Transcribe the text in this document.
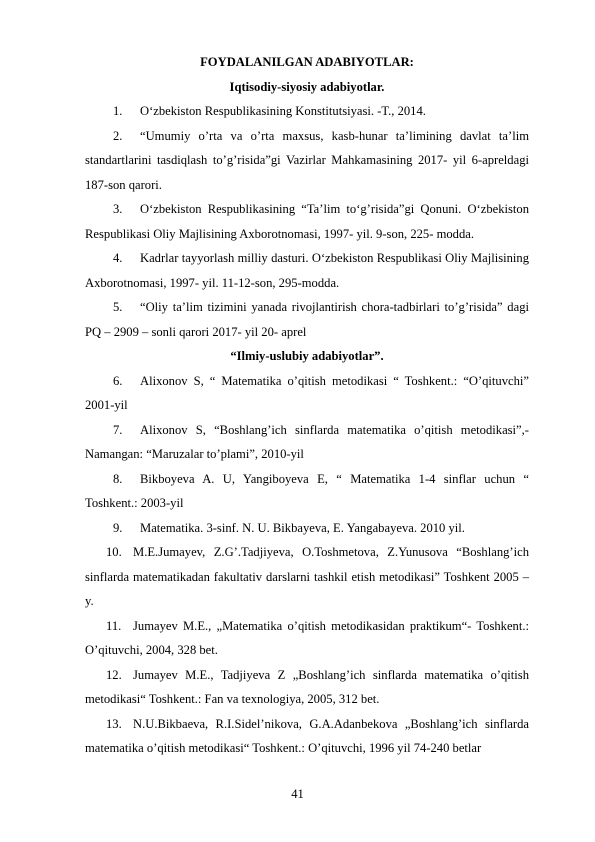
FOYDALANILGAN ADABIYOTLAR:

Iqtisodiy-siyosiy adabiyotlar.

1. O‘zbekiston Respublikasining Konstitutsiyasi. -T., 2014.

2. “Umumiy o’rta va o’rta maxsus, kasb-hunar ta’limining davlat ta’lim standartlarini tasdiqlash to’g’risida”gi Vazirlar Mahkamasining 2017- yil 6-apreldagi 187-son qarori.

3. O‘zbekiston Respublikasining “Ta’lim to‘g’risida”gi Qonuni. O‘zbekiston Respublikasi Oliy Majlisining Axborotnomasi, 1997- yil. 9-son, 225- modda.

4. Kadrlar tayyorlash milliy dasturi. O‘zbekiston Respublikasi Oliy Majlisining Axborotnomasi, 1997- yil. 11-12-son, 295-modda.

5. “Oliy ta’lim tizimini yanada rivojlantirish chora-tadbirlari to’g’risida” dagi PQ – 2909 – sonli qarori 2017- yil 20- aprel

“Ilmiy-uslubiy adabiyotlar”.

6. Alixonov S, “ Matematika o’qitish metodikasi “ Toshkent.: “O’qituvchi” 2001-yil

7. Alixonov S, “Boshlang’ich sinflarda matematika o’qitish metodikasi”,-Namangan: “Maruzalar to’plami”, 2010-yil

8. Bikboyeva A. U, Yangiboyeva E, “ Matematika 1-4 sinflar uchun “ Toshkent.: 2003-yil

9. Matematika. 3-sinf. N. U. Bikbayeva, E. Yangabayeva. 2010 yil.

10. M.E.Jumayev, Z.G’.Tadjiyeva, O.Toshmetova, Z.Yunusova “Boshlang’ich sinflarda matematikadan fakultativ darslarni tashkil etish metodikasi” Toshkent 2005 – y.

11. Jumayev M.E., „Matematika o’qitish metodikasidan praktikum“- Toshkent.: O’qituvchi, 2004, 328 bet.

12. Jumayev M.E., Tadjiyeva Z „Boshlang’ich sinflarda matematika o’qitish metodikasi“ Toshkent.: Fan va texnologiya, 2005, 312 bet.

13. N.U.Bikbaeva, R.I.Sidel’nikova, G.A.Adanbekova „Boshlang’ich sinflarda matematika o’qitish metodikasi“ Toshkent.: O’qituvchi, 1996 yil 74-240 betlar

41
